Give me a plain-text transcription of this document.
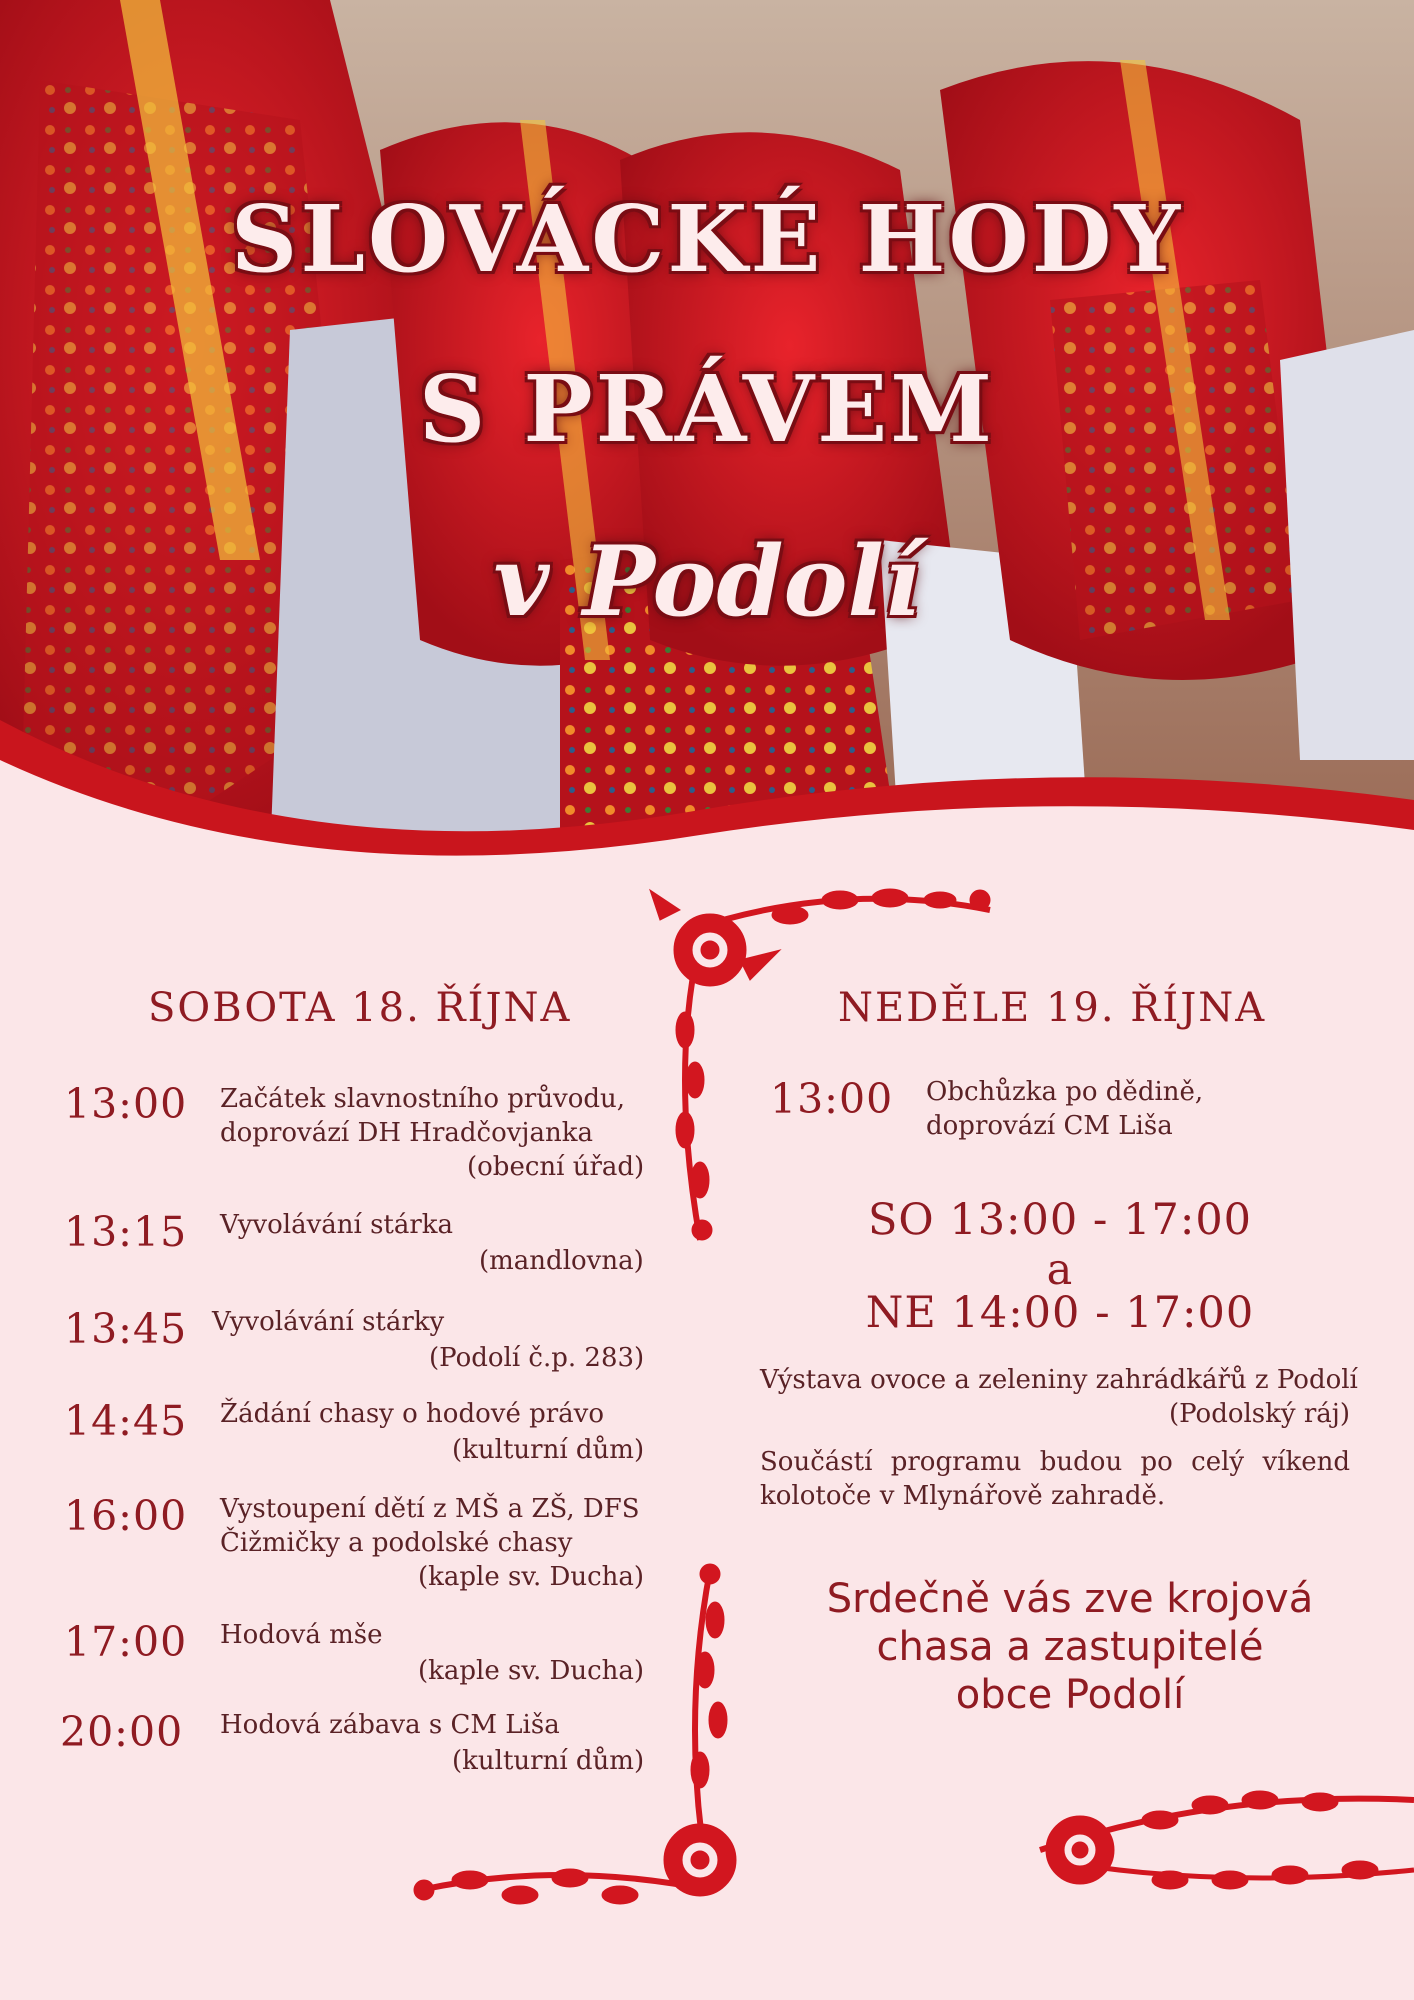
SLOVÁCKÉ HODY
S PRÁVEM
v Podolí
SOBOTA 18. ŘÍJNA
13:00 Začátek slavnostního průvodu,
doprovází DH Hradčovjanka
(obecní úřad)
13:15 Vyvolávání stárka
(mandlovna)
13:45 Vyvolávání stárky
(Podolí č.p. 283)
14:45 Žádání chasy o hodové právo
(kulturní dům)
16:00 Vystoupení dětí z MŠ a ZŠ, DFS
Čižmičky a podolské chasy
(kaple sv. Ducha)
17:00 Hodová mše
(kaple sv. Ducha)
20:00 Hodová zábava s CM Liša
(kulturní dům)
NEDĚLE 19. ŘÍJNA
13:00 Obchůzka po dědině,
doprovází CM Liša
SO 13:00 - 17:00
a
NE 14:00 - 17:00
Výstava ovoce a zeleniny zahrádkářů z Podolí
(Podolský ráj)
Součástí programu budou po celý víkend
kolotoče v Mlynářově zahradě.
Srdečně vás zve krojová
chasa a zastupitelé
obce Podolí
